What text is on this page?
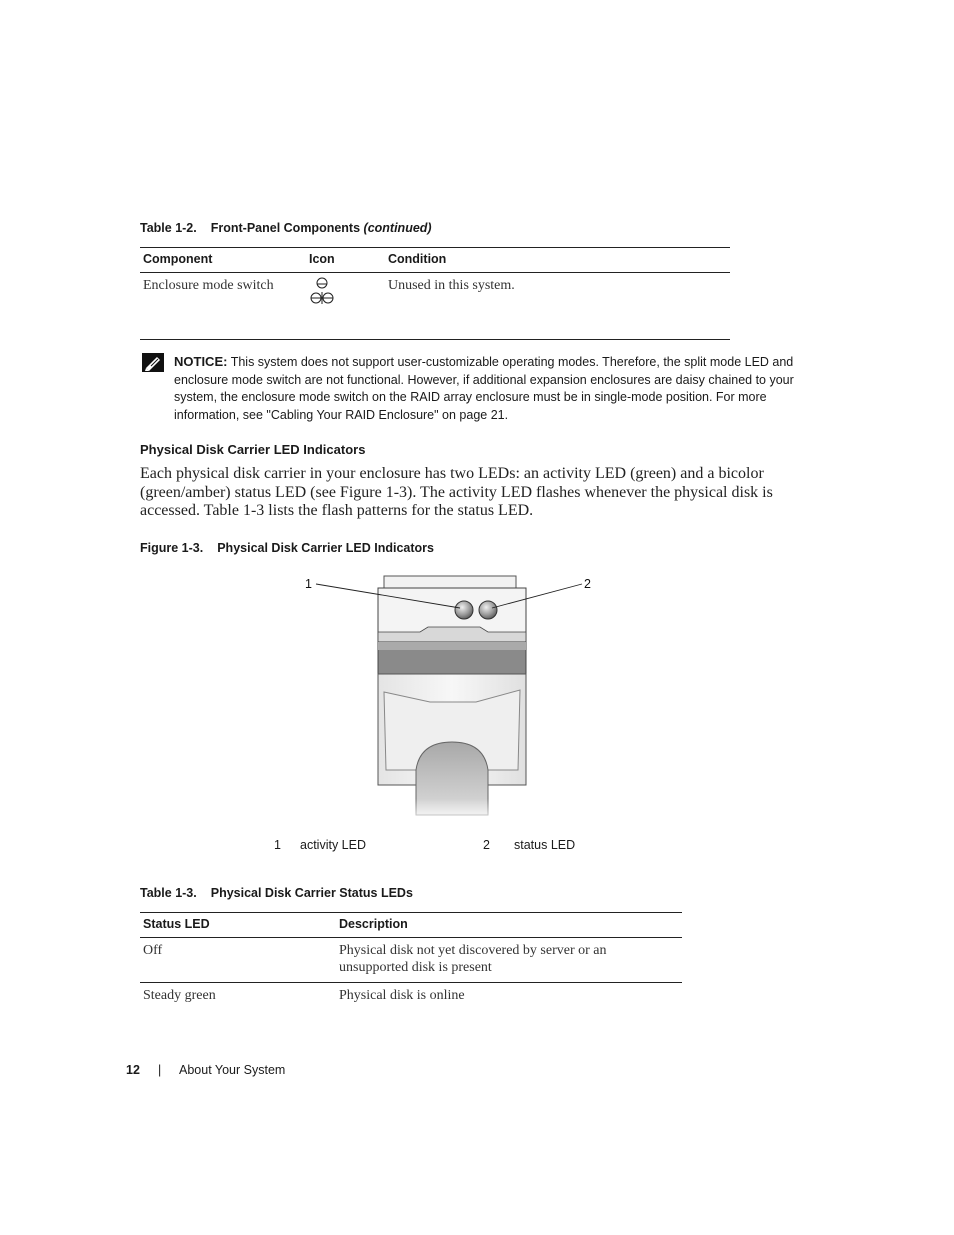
Table 1-2. Front-Panel Components (continued)
Component	Icon	Condition
Enclosure mode switch		Unused in this system.
NOTICE: This system does not support user-customizable operating modes. Therefore, the split mode LED and enclosure mode switch are not functional. However, if additional expansion enclosures are daisy chained to your system, the enclosure mode switch on the RAID array enclosure must be in single-mode position. For more information, see "Cabling Your RAID Enclosure" on page 21.
Physical Disk Carrier LED Indicators
Each physical disk carrier in your enclosure has two LEDs: an activity LED (green) and a bicolor (green/amber) status LED (see Figure 1-3). The activity LED flashes whenever the physical disk is accessed. Table 1-3 lists the flash patterns for the status LED.
Figure 1-3. Physical Disk Carrier LED Indicators
1	2
1 activity LED	2 status LED
Table 1-3. Physical Disk Carrier Status LEDs
Status LED	Description
Off	Physical disk not yet discovered by server or an unsupported disk is present
Steady green	Physical disk is online
12 | About Your System
